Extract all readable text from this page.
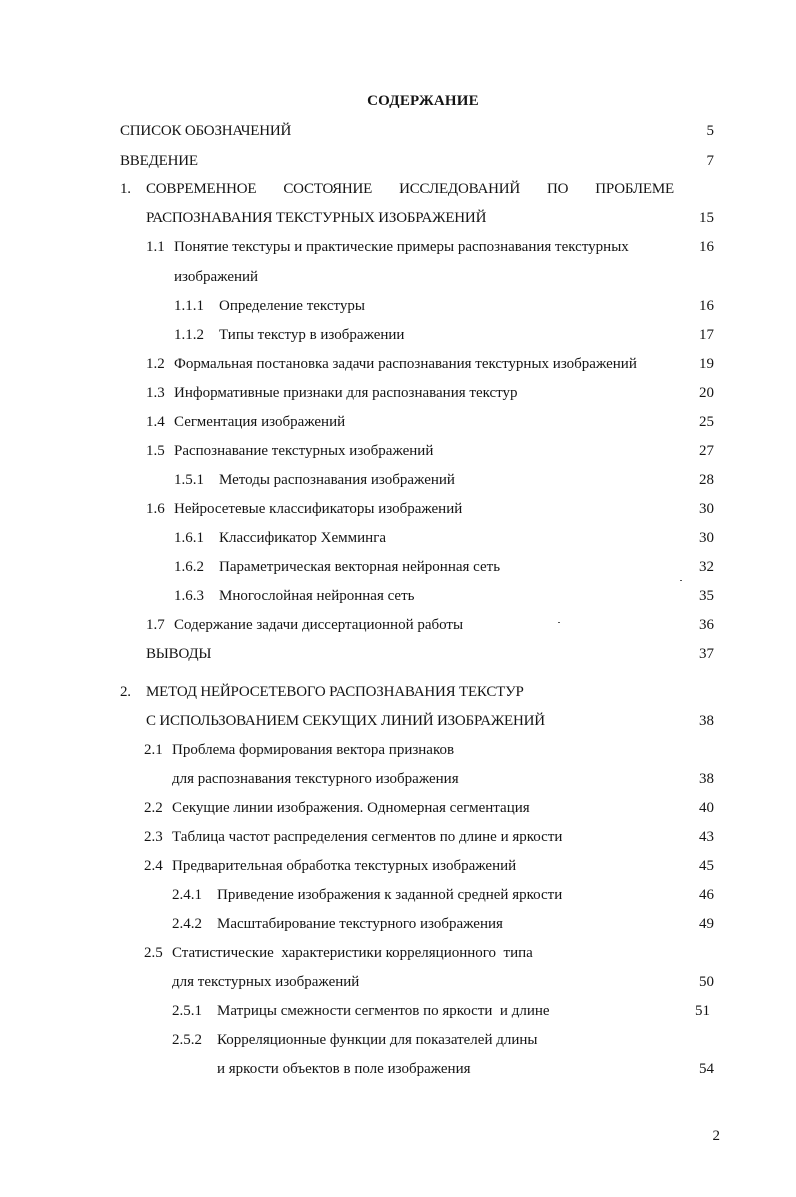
СОДЕРЖАНИЕ
СПИСОК ОБОЗНАЧЕНИЙ	5
ВВЕДЕНИЕ	7
1. СОВРЕМЕННОЕ СОСТОЯНИЕ ИССЛЕДОВАНИЙ ПО ПРОБЛЕМЕ
РАСПОЗНАВАНИЯ ТЕКСТУРНЫХ ИЗОБРАЖЕНИЙ	15
1.1 Понятие текстуры и практические примеры распознавания текстурных	16
изображений
1.1.1 Определение текстуры	16
1.1.2 Типы текстур в изображении	17
1.2 Формальная постановка задачи распознавания текстурных изображений	19
1.3 Информативные признаки для распознавания текстур	20
1.4 Сегментация изображений	25
1.5 Распознавание текстурных изображений	27
1.5.1 Методы распознавания изображений	28
1.6 Нейросетевые классификаторы изображений	30
1.6.1 Классификатор Хемминга	30
1.6.2 Параметрическая векторная нейронная сеть	32
1.6.3 Многослойная нейронная сеть	35
1.7 Содержание задачи диссертационной работы	36
ВЫВОДЫ	37
2. МЕТОД НЕЙРОСЕТЕВОГО РАСПОЗНАВАНИЯ ТЕКСТУР
С ИСПОЛЬЗОВАНИЕМ СЕКУЩИХ ЛИНИЙ ИЗОБРАЖЕНИЙ	38
2.1 Проблема формирования вектора признаков
для распознавания текстурного изображения	38
2.2 Секущие линии изображения. Одномерная сегментация	40
2.3 Таблица частот распределения сегментов по длине и яркости	43
2.4 Предварительная обработка текстурных изображений	45
2.4.1 Приведение изображения к заданной средней яркости	46
2.4.2 Масштабирование текстурного изображения	49
2.5 Статистические  характеристики корреляционного  типа
для текстурных изображений	50
2.5.1 Матрицы смежности сегментов по яркости  и длине	51
2.5.2 Корреляционные функции для показателей длины
и яркости объектов в поле изображения	54
2
